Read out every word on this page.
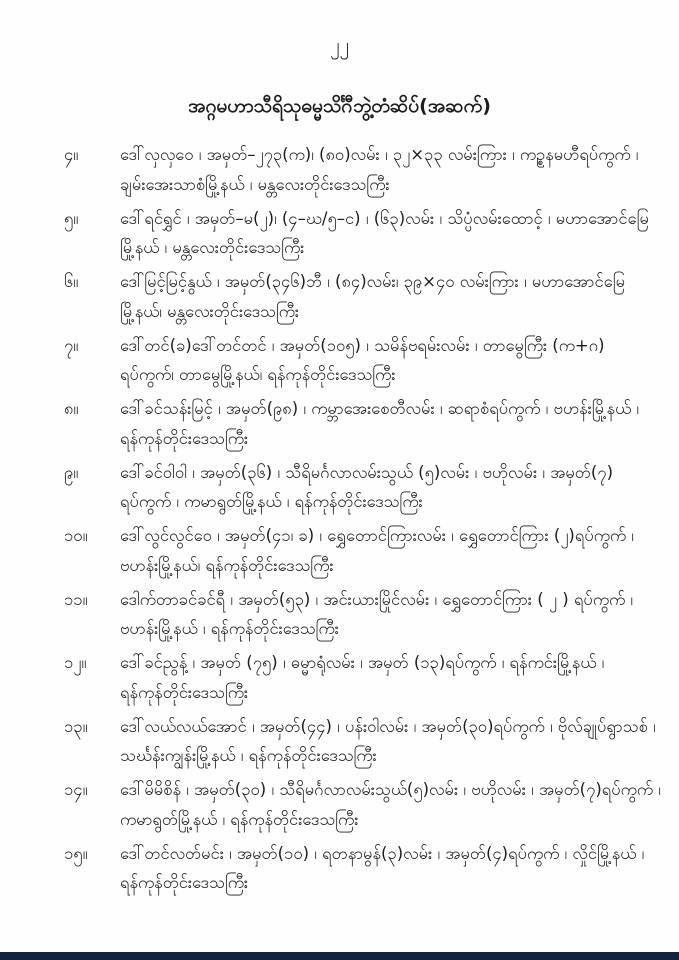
၂၂
အဂ္ဂမဟာသီရိသုဓမ္မသိင်္ဂီဘွဲ့တံဆိပ်(အဆက်)
၄။	ဒေါ်လှလှဝေ ၊ အမှတ်–၂၇၃(က)၊ (၈၀)လမ်း ၊ ၃၂×၃၃ လမ်းကြား ၊ ကဉ္စနမဟီရပ်ကွက် ၊
ချမ်းအေးသာစံမြို့နယ် ၊ မန္တလေးတိုင်းဒေသကြီး
၅။	ဒေါ်ရင်ရွှင် ၊ အမှတ်–မ(၂)၊ (၄–ဃ/၅–င) ၊ (၆၃)လမ်း ၊ သိပ္ပံလမ်းထောင့် ၊ မဟာအောင်မြေ
မြို့နယ် ၊ မန္တလေးတိုင်းဒေသကြီး
၆။	ဒေါ်မြင့်မြင့်နွယ် ၊ အမှတ်(၃၄၆)ဘီ ၊ (၈၄)လမ်း၊ ၃၉×၄၀ လမ်းကြား ၊ မဟာအောင်မြေ
မြို့နယ်၊ မန္တလေးတိုင်းဒေသကြီး
၇။	ဒေါ်တင်(ခ)ဒေါ်တင်တင် ၊ အမှတ်(၁၀၅) ၊ သမိန်ဗရမ်းလမ်း ၊ တာမွေကြီး (က+ဂ)
ရပ်ကွက်၊ တာမွေမြို့နယ်၊ ရန်ကုန်တိုင်းဒေသကြီး
၈။	ဒေါ်ခင်သန်းမြင့် ၊ အမှတ်(၉၈) ၊ ကမ္ဘာအေးစေတီလမ်း ၊ ဆရာစံရပ်ကွက် ၊ ဗဟန်းမြို့နယ် ၊
ရန်ကုန်တိုင်းဒေသကြီး
၉။	ဒေါ်ခင်ဝါဝါ ၊ အမှတ်(၃၆) ၊ သီရိမင်္ဂလာလမ်းသွယ် (၅)လမ်း ၊ ဗဟိုလမ်း ၊ အမှတ်(၇)
ရပ်ကွက် ၊ ကမာရွတ်မြို့နယ် ၊ ရန်ကုန်တိုင်းဒေသကြီး
၁၀။	ဒေါ်လွင်လွင်ဝေ ၊ အမှတ်(၄၁၊ ခ) ၊ ရွှေတောင်ကြားလမ်း ၊ ရွှေတောင်ကြား (၂)ရပ်ကွက် ၊
ဗဟန်းမြို့နယ်၊ ရန်ကုန်တိုင်းဒေသကြီး
၁၁။	ဒေါက်တာခင်ခင်ရီ ၊ အမှတ်(၅၃) ၊ အင်းယားမြိုင်လမ်း ၊ ရွှေတောင်ကြား ( ၂ ) ရပ်ကွက် ၊
ဗဟန်းမြို့နယ် ၊ ရန်ကုန်တိုင်းဒေသကြီး
၁၂။	ဒေါ်ခင်ညွန့် ၊ အမှတ် (၇၅) ၊ ဓမ္မာရုံလမ်း ၊ အမှတ် (၁၃)ရပ်ကွက် ၊ ရန်ကင်းမြို့နယ် ၊
ရန်ကုန်တိုင်းဒေသကြီး
၁၃။	ဒေါ်လယ်လယ်အောင် ၊ အမှတ်(၄၄) ၊ ပန်းဝါလမ်း ၊ အမှတ်(၃၀)ရပ်ကွက် ၊ ဗိုလ်ချုပ်ရွာသစ် ၊
သင်္ဃန်းကျွန်းမြို့နယ် ၊ ရန်ကုန်တိုင်းဒေသကြီး
၁၄။	ဒေါ်မိမိစိန် ၊ အမှတ်(၃၀) ၊ သီရိမင်္ဂလာလမ်းသွယ်(၅)လမ်း ၊ ဗဟိုလမ်း ၊ အမှတ်(၇)ရပ်ကွက် ၊
ကမာရွတ်မြို့နယ် ၊ ရန်ကုန်တိုင်းဒေသကြီး
၁၅။	ဒေါ်တင်လတ်မင်း ၊ အမှတ်(၁၀) ၊ ရတနာမွန်(၃)လမ်း ၊ အမှတ်(၄)ရပ်ကွက် ၊ လှိုင်မြို့နယ် ၊
ရန်ကုန်တိုင်းဒေသကြီး
